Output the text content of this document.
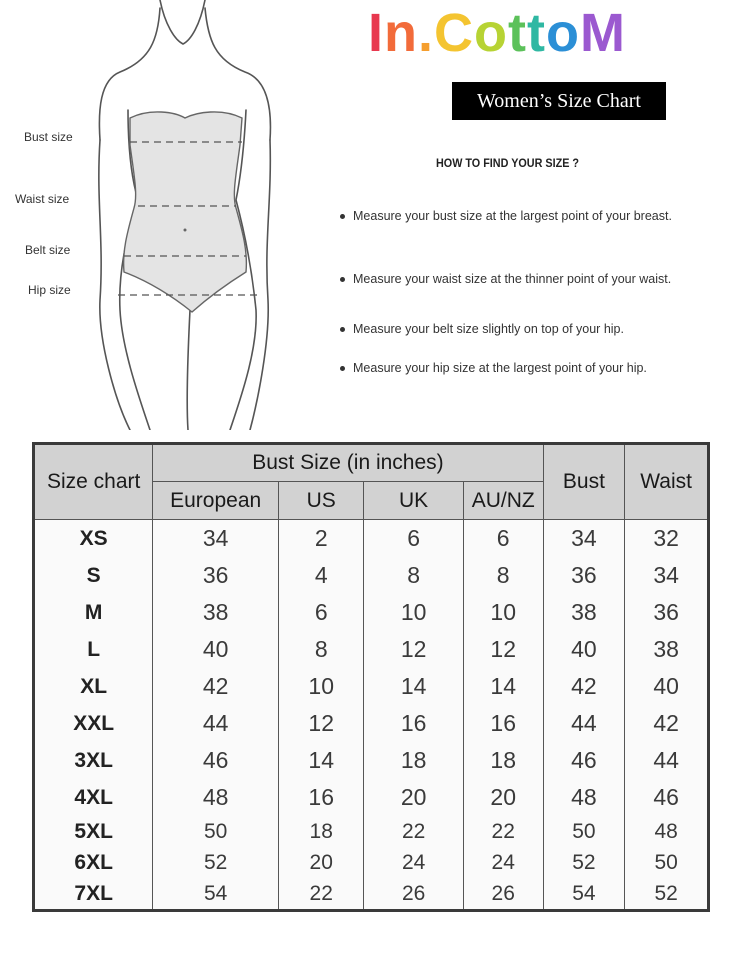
Bust size
Waist size
Belt size
Hip size
In.CottoM
Women’s Size Chart
HOW TO FIND YOUR SIZE ?
Measure your bust size at the largest point of your breast.
Measure your waist size at the thinner point of your waist.
Measure your belt size slightly on top of your hip.
Measure your hip size at the largest point of your hip.
Size chart	Bust Size (in inches)				Bust	Waist
	European	US	UK	AU/NZ		
XS	34	2	6	6	34	32
S	36	4	8	8	36	34
M	38	6	10	10	38	36
L	40	8	12	12	40	38
XL	42	10	14	14	42	40
XXL	44	12	16	16	44	42
3XL	46	14	18	18	46	44
4XL	48	16	20	20	48	46
5XL	50	18	22	22	50	48
6XL	52	20	24	24	52	50
7XL	54	22	26	26	54	52
